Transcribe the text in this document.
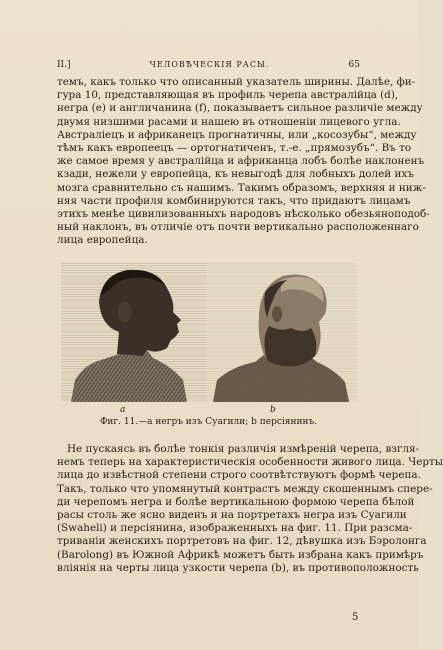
II.]	ЧЕЛОВѢЧЕСКІЯ РАСЫ.	65
темъ, какъ только что описанный указатель ширины. Далѣе, фи-
гура 10, представляющая въ профиль черепа австралійца (d),
негра (e) и англичанина (f), показываетъ сильное различіе между
двумя низшими расами и нашею въ отношеніи лицевого угла.
Австраліецъ и африканецъ прогнатичны, или „косозубы“, между
тѣмъ какъ европеецъ — ортогнатиченъ, т.-е. „прямозубъ“. Въ то
же самое время у австралійца и африканца лобъ болѣе наклоненъ
кзади, нежели у европейца, къ невыгодѣ для лобныхъ долей ихъ
мозга сравнительно съ нашимъ. Такимъ образомъ, верхняя и ниж-
няя части профиля комбинируются такъ, что придаютъ лицамъ
этихъ менѣе цивилизованныхъ народовъ нѣсколько обезьяноподоб-
ный наклонъ, въ отличіе отъ почти вертикально расположеннаго
лица европейца.
a	b
Фиг. 11.—a негръ изъ Суагили; b персіянинъ.
Не пускаясь въ болѣе тонкія различія измѣреній черепа, взгля-
немъ теперь на характеристическія особенности живого лица. Черты
лица до извѣстной степени строго соотвѣтствуютъ формѣ черепа.
Такъ, только что упомянутый контрастъ между скошеннымъ спере-
ди черепомъ негра и болѣе вертикальною формою черепа бѣлой
расы столь же ясно виденъ и на портретахъ негра изъ Суагили
(Swaheli) и персіянина, изображенныхъ на фиг. 11. При разсма-
триваніи женскихъ портретовъ на фиг. 12, дѣвушка изъ Бэролонга
(Barolong) въ Южной Африкѣ можетъ быть избрана какъ примѣръ
вліянія на черты лица узкости черепа (b), въ противоположность
5
